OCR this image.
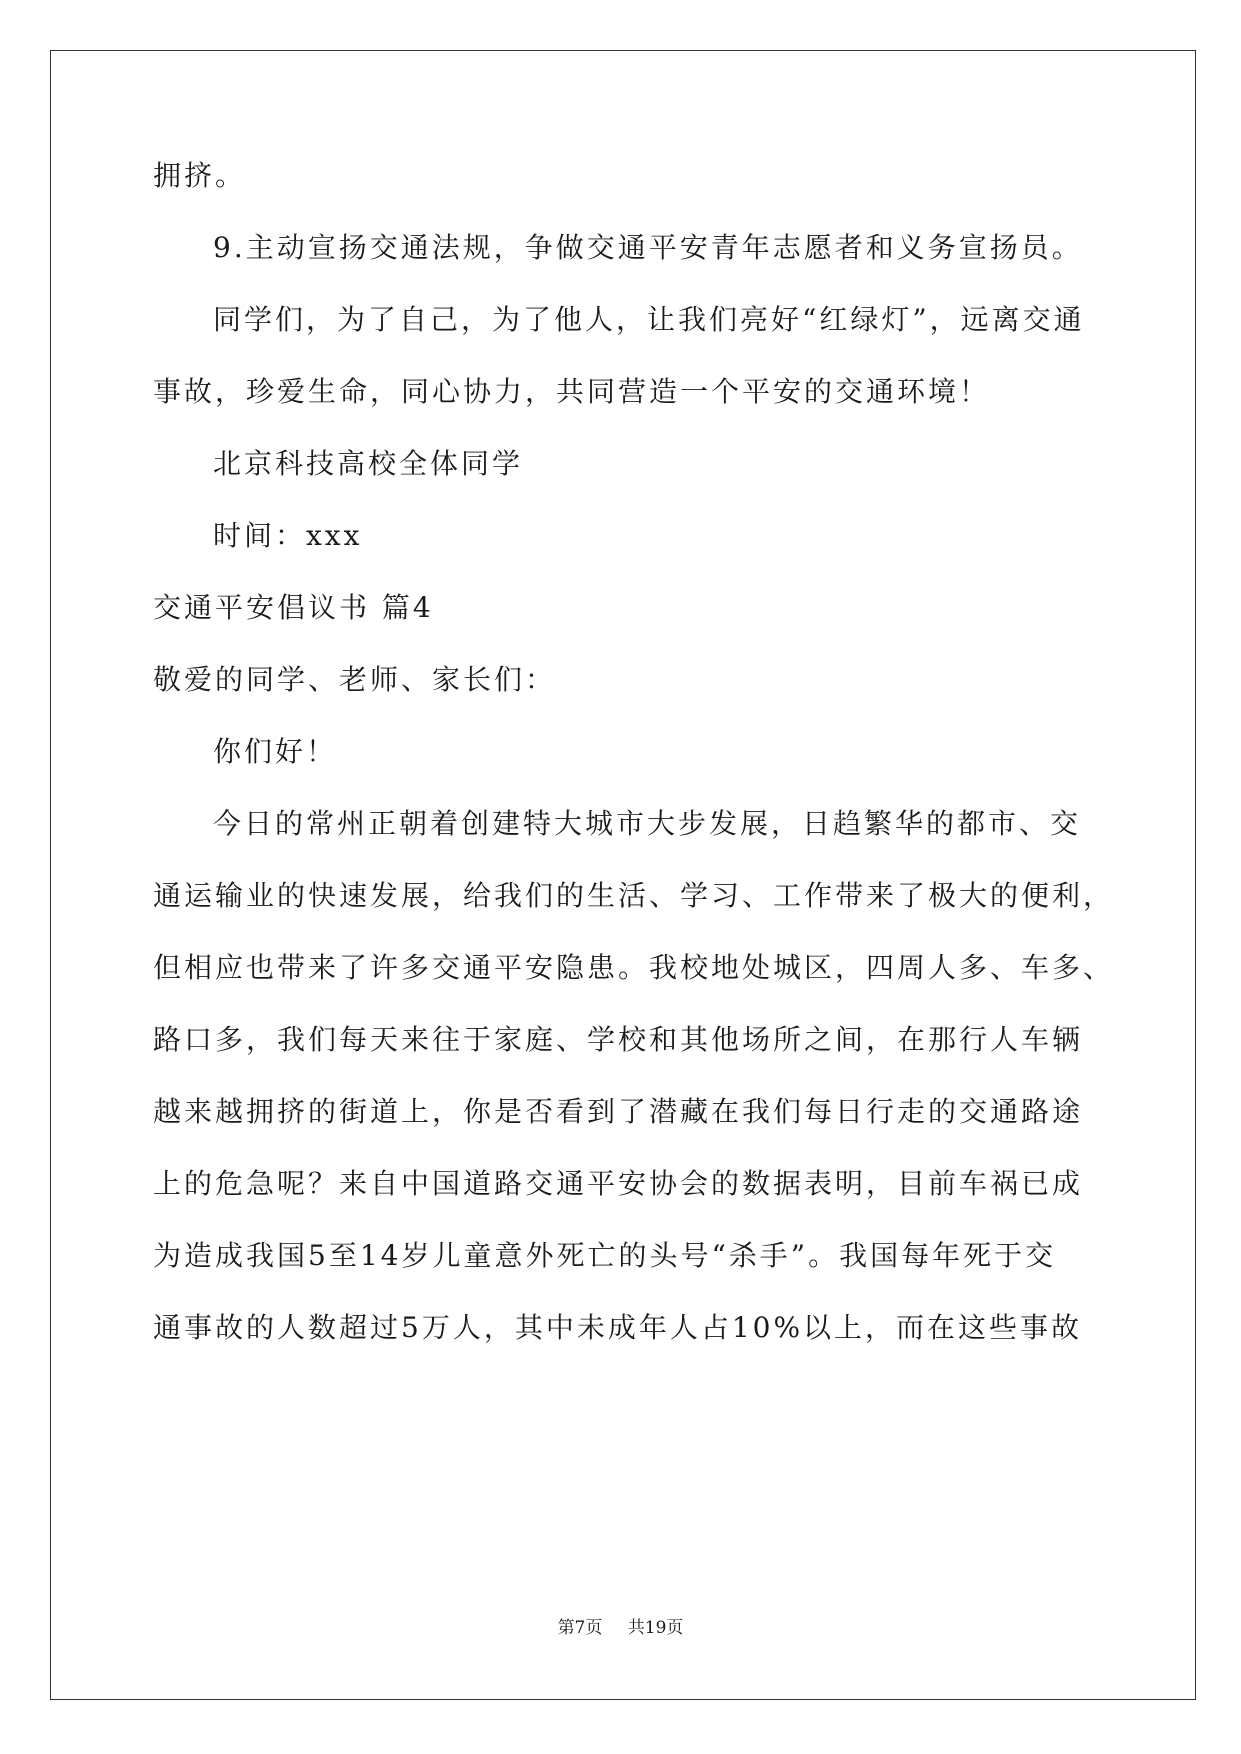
拥挤。
9.主动宣扬交通法规，争做交通平安青年志愿者和义务宣扬员。
同学们，为了自己，为了他人，让我们亮好“红绿灯”，远离交通
事故，珍爱生命，同心协力，共同营造一个平安的交通环境！
北京科技高校全体同学
时间：xxx
交通平安倡议书 篇4
敬爱的同学、老师、家长们：
你们好！
今日的常州正朝着创建特大城市大步发展，日趋繁华的都市、交
通运输业的快速发展，给我们的生活、学习、工作带来了极大的便利，
但相应也带来了许多交通平安隐患。我校地处城区，四周人多、车多、
路口多，我们每天来往于家庭、学校和其他场所之间，在那行人车辆
越来越拥挤的街道上，你是否看到了潜藏在我们每日行走的交通路途
上的危急呢？来自中国道路交通平安协会的数据表明，目前车祸已成
为造成我国5至14岁儿童意外死亡的头号“杀手”。我国每年死于交
通事故的人数超过5万人，其中未成年人占10%以上，而在这些事故
第7页 共19页
